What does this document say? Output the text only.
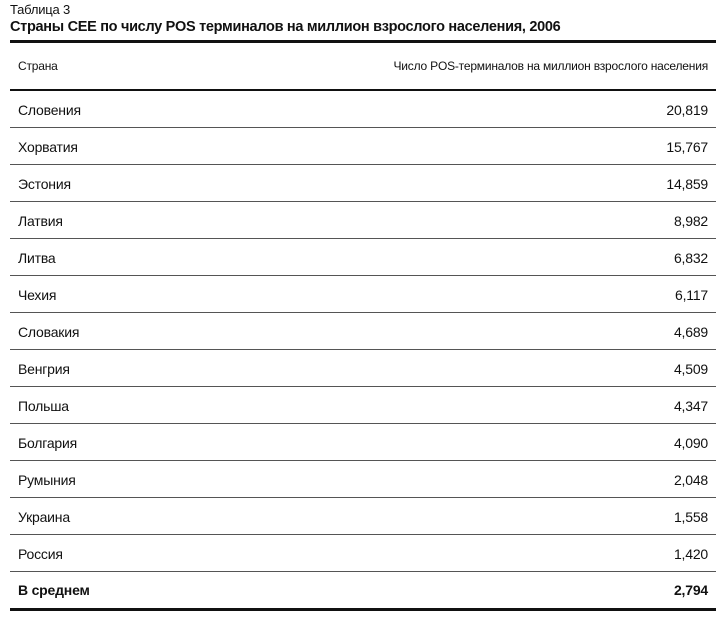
Таблица 3
Страны CEE по числу POS терминалов на миллион взрослого населения, 2006
Страна	Число POS-терминалов на миллион взрослого населения
Словения	20,819
Хорватия	15,767
Эстония	14,859
Латвия	8,982
Литва	6,832
Чехия	6,117
Словакия	4,689
Венгрия	4,509
Польша	4,347
Болгария	4,090
Румыния	2,048
Украина	1,558
Россия	1,420
В среднем	2,794
